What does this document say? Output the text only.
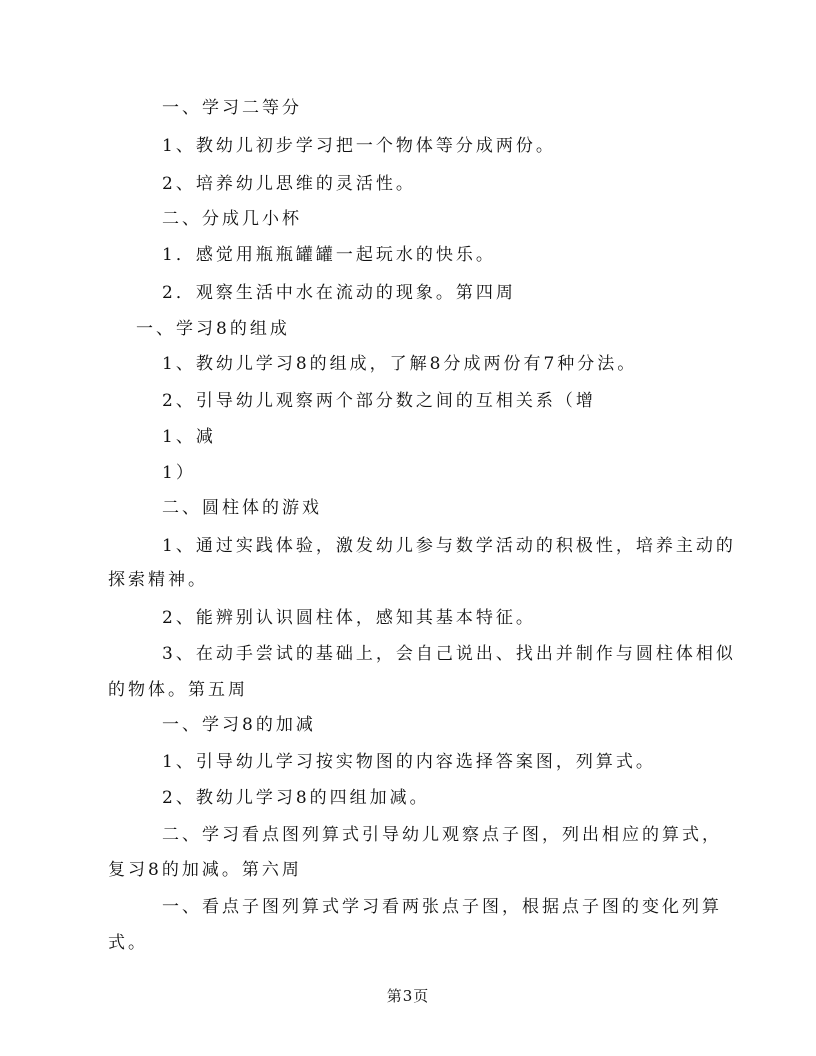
一、学习二等分
1、教幼儿初步学习把一个物体等分成两份。
2、培养幼儿思维的灵活性。
二、分成几小杯
1．感觉用瓶瓶罐罐一起玩水的快乐。
2．观察生活中水在流动的现象。第四周
一、学习8的组成
1、教幼儿学习8的组成，了解8分成两份有7种分法。
2、引导幼儿观察两个部分数之间的互相关系（增
1、减
1）
二、圆柱体的游戏
1、通过实践体验，激发幼儿参与数学活动的积极性，培养主动的
探索精神。
2、能辨别认识圆柱体，感知其基本特征。
3、在动手尝试的基础上，会自己说出、找出并制作与圆柱体相似
的物体。第五周
一、学习8的加减
1、引导幼儿学习按实物图的内容选择答案图，列算式。
2、教幼儿学习8的四组加减。
二、学习看点图列算式引导幼儿观察点子图，列出相应的算式，
复习8的加减。第六周
一、看点子图列算式学习看两张点子图，根据点子图的变化列算
式。
第3页
